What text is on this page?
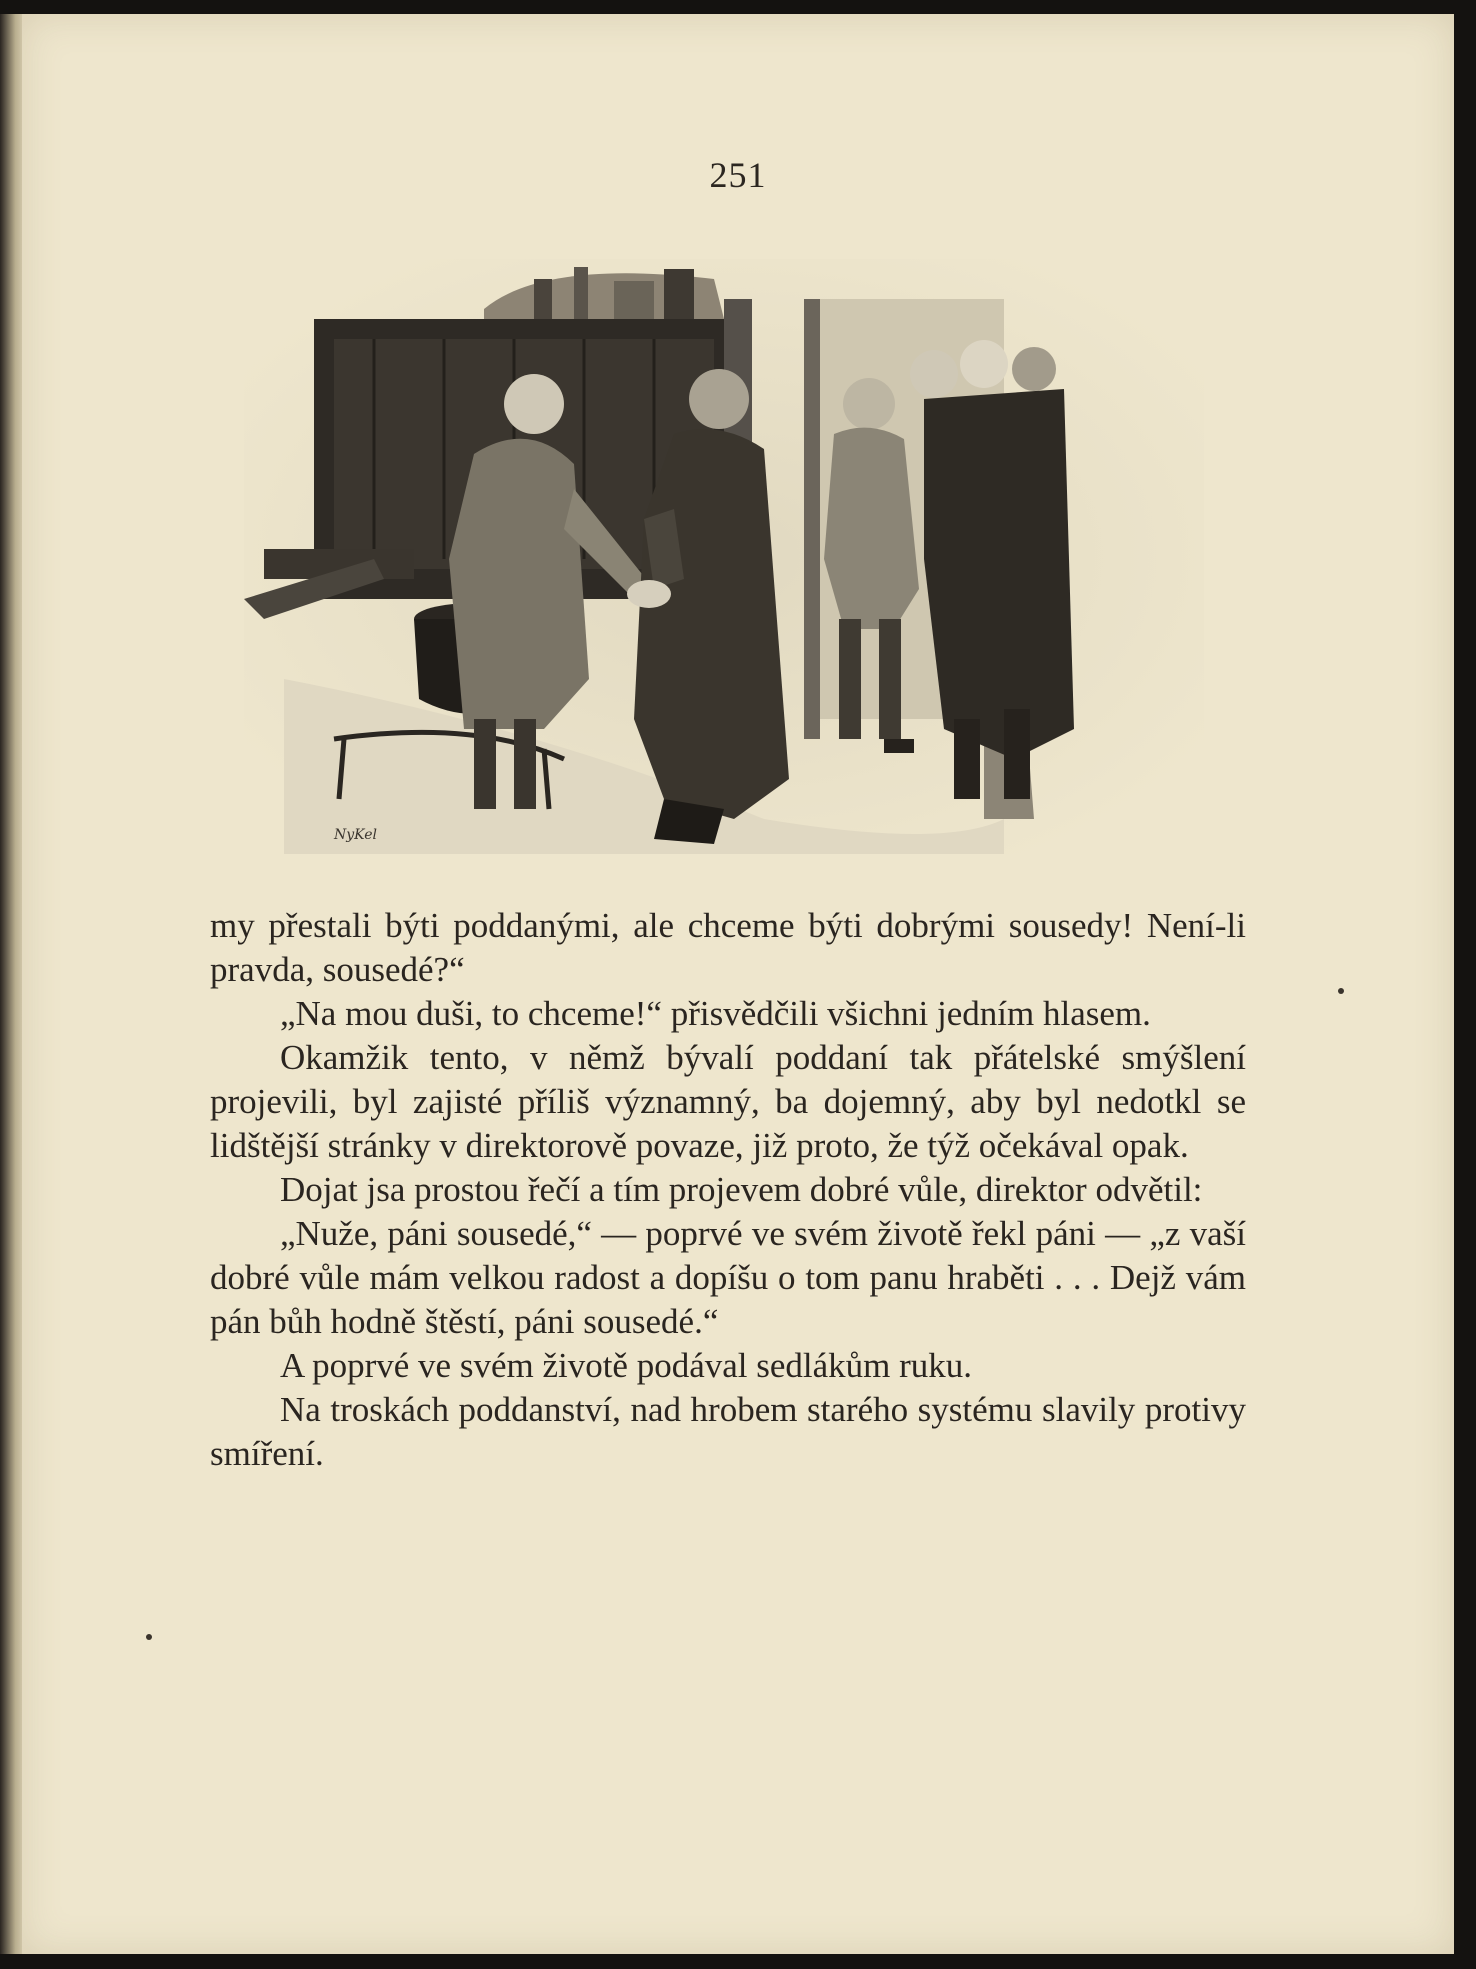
251
NyKel

my přestali býti poddanými, ale chceme býti dobrými sousedy! Není-li pravda, sousedé?“

„Na mou duši, to chceme!“ přisvědčili všichni jedním hlasem.

Okamžik tento, v němž bývalí poddaní tak přátelské smýšlení projevili, byl zajisté příliš významný, ba dojemný, aby byl nedotkl se lidštější stránky v direktorově povaze, již proto, že týž očekával opak.

Dojat jsa prostou řečí a tím projevem dobré vůle, direktor odvětil:

„Nuže, páni sousedé,“ — poprvé ve svém životě řekl páni — „z vaší dobré vůle mám velkou radost a dopíšu o tom panu hraběti . . . Dejž vám pán bůh hodně štěstí, páni sousedé.“

A poprvé ve svém životě podával sedlákům ruku.

Na troskách poddanství, nad hrobem starého systému slavily protivy smíření.
